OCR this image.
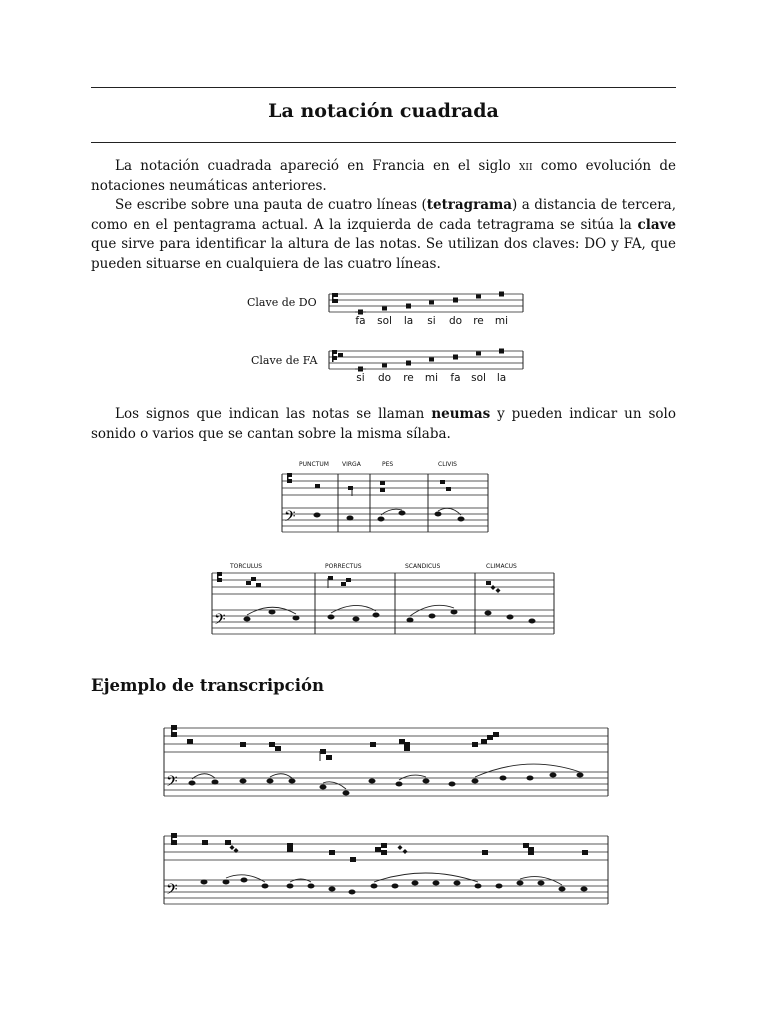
La notación cuadrada

La notación cuadrada apareció en Francia en el siglo xii como evolución de notaciones neumáticas anteriores.

Se escribe sobre una pauta de cuatro líneas (tetragrama) a distancia de tercera, como en el pentagrama actual. A la izquierda de cada tetragrama se sitúa la clave que sirve para identificar la altura de las notas. Se utilizan dos claves: DO y FA, que pueden situarse en cualquiera de las cuatro líneas.

Clave de DO
fa sol la si do re mi
Clave de FA
si do re mi fa sol la

Los signos que indican las notas se llaman neumas y pueden indicar un solo sonido o varios que se cantan sobre la misma sílaba.

PUNCTUM VIRGA	PES	CLIVIS
𝄢
TORCULUS	PORRECTUS	SCANDICUS	CLIMACUS
𝄢
Ejemplo de transcripción
𝄢
𝄢
